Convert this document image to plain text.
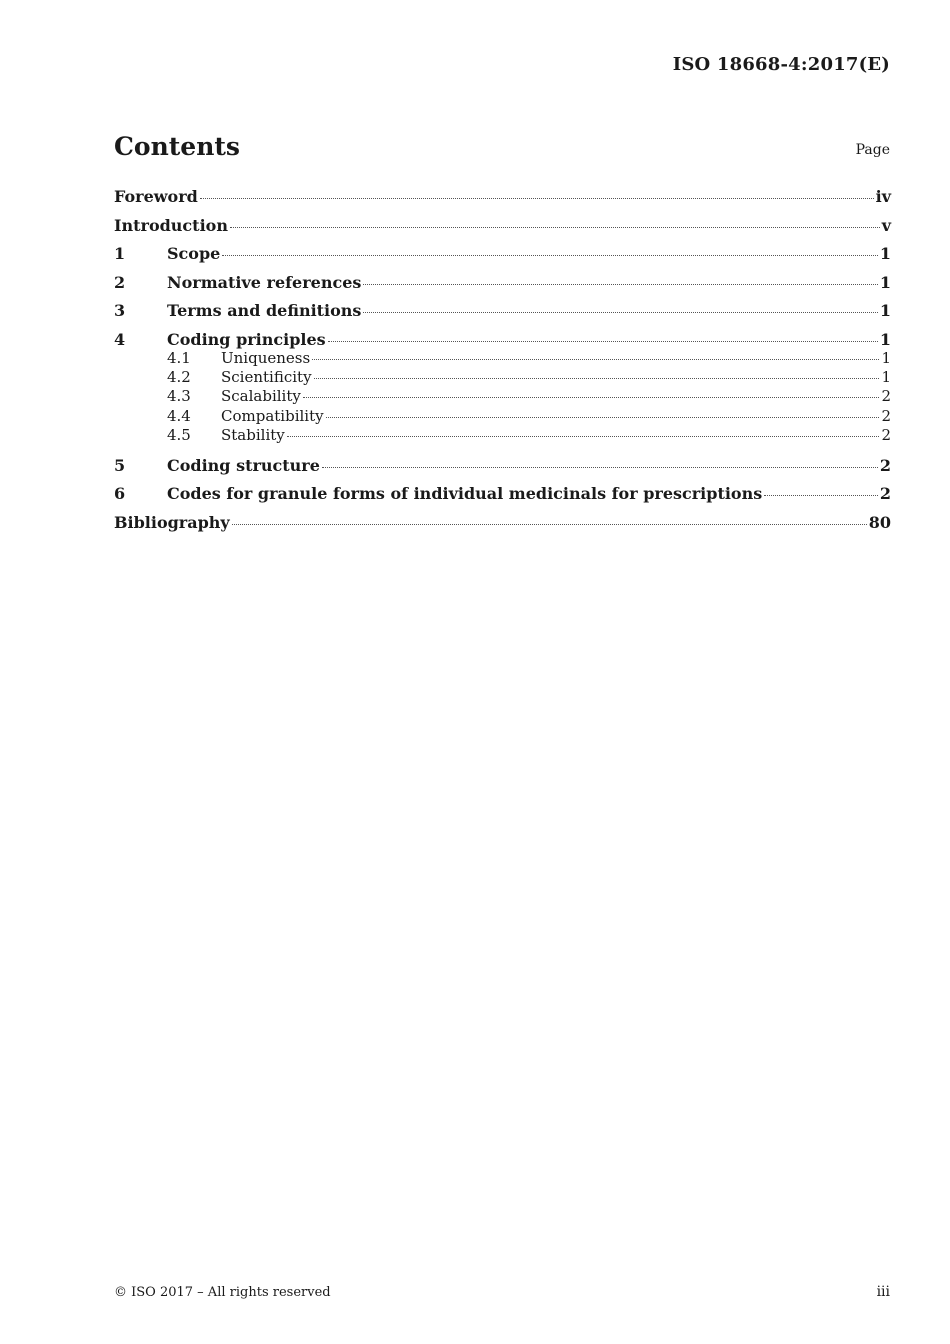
ISO 18668-4:2017(E)
Contents	Page
Foreword	iv
Introduction	v
1	Scope	1
2	Normative references	1
3	Terms and definitions	1
4	Coding principles	1
4.1	Uniqueness	1
4.2	Scientificity	1
4.3	Scalability	2
4.4	Compatibility	2
4.5	Stability	2
5	Coding structure	2
6	Codes for granule forms of individual medicinals for prescriptions	2
Bibliography	80
© ISO 2017 – All rights reserved	iii
